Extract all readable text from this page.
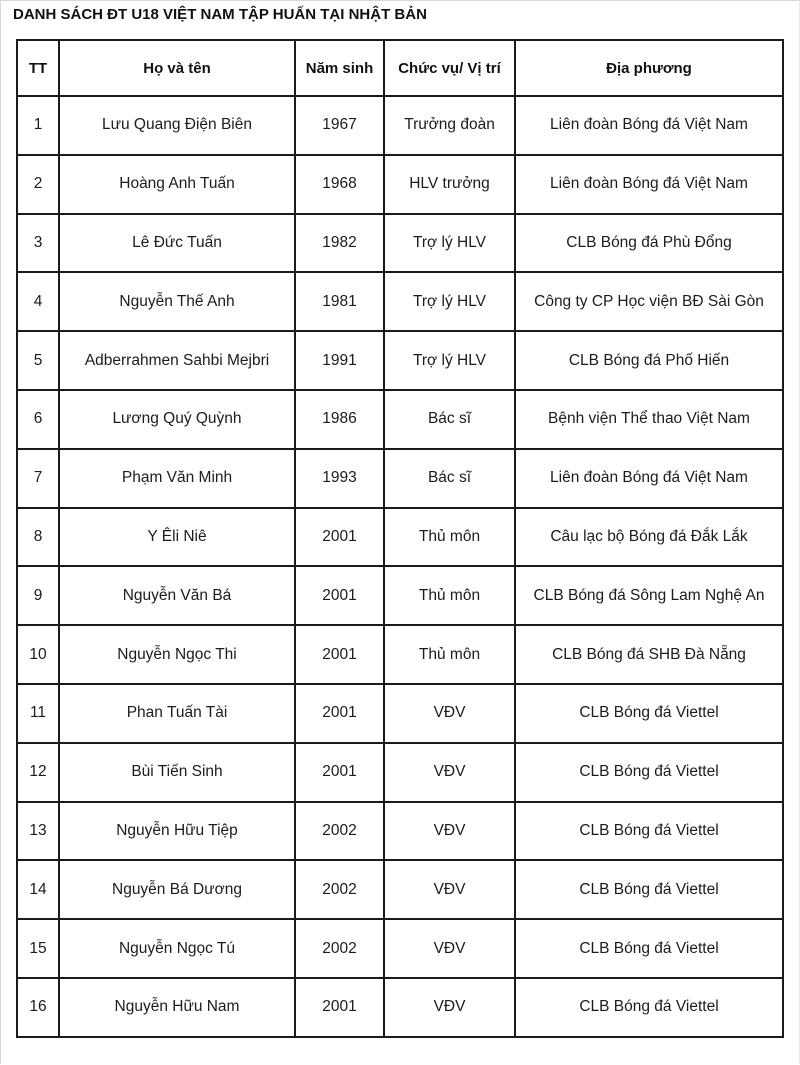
DANH SÁCH ĐT U18 VIỆT NAM TẬP HUẤN TẠI NHẬT BẢN
TT	Họ và tên	Năm sinh	Chức vụ/ Vị trí	Địa phương
1	Lưu Quang Điện Biên	1967	Trưởng đoàn	Liên đoàn Bóng đá Việt Nam
2	Hoàng Anh Tuấn	1968	HLV trưởng	Liên đoàn Bóng đá Việt Nam
3	Lê Đức Tuấn	1982	Trợ lý HLV	CLB Bóng đá Phù Đổng
4	Nguyễn Thế Anh	1981	Trợ lý HLV	Công ty CP Học viện BĐ Sài Gòn
5	Adberrahmen Sahbi Mejbri	1991	Trợ lý HLV	CLB Bóng đá Phố Hiến
6	Lương Quý Quỳnh	1986	Bác sĩ	Bệnh viện Thể thao Việt Nam
7	Phạm Văn Minh	1993	Bác sĩ	Liên đoàn Bóng đá Việt Nam
8	Y Êli Niê	2001	Thủ môn	Câu lạc bộ Bóng đá Đắk Lắk
9	Nguyễn Văn Bá	2001	Thủ môn	CLB Bóng đá Sông Lam Nghệ An
10	Nguyễn Ngọc Thi	2001	Thủ môn	CLB Bóng đá SHB Đà Nẵng
11	Phan Tuấn Tài	2001	VĐV	CLB Bóng đá Viettel
12	Bùi Tiến Sinh	2001	VĐV	CLB Bóng đá Viettel
13	Nguyễn Hữu Tiệp	2002	VĐV	CLB Bóng đá Viettel
14	Nguyễn Bá Dương	2002	VĐV	CLB Bóng đá Viettel
15	Nguyễn Ngọc Tú	2002	VĐV	CLB Bóng đá Viettel
16	Nguyễn Hữu Nam	2001	VĐV	CLB Bóng đá Viettel
